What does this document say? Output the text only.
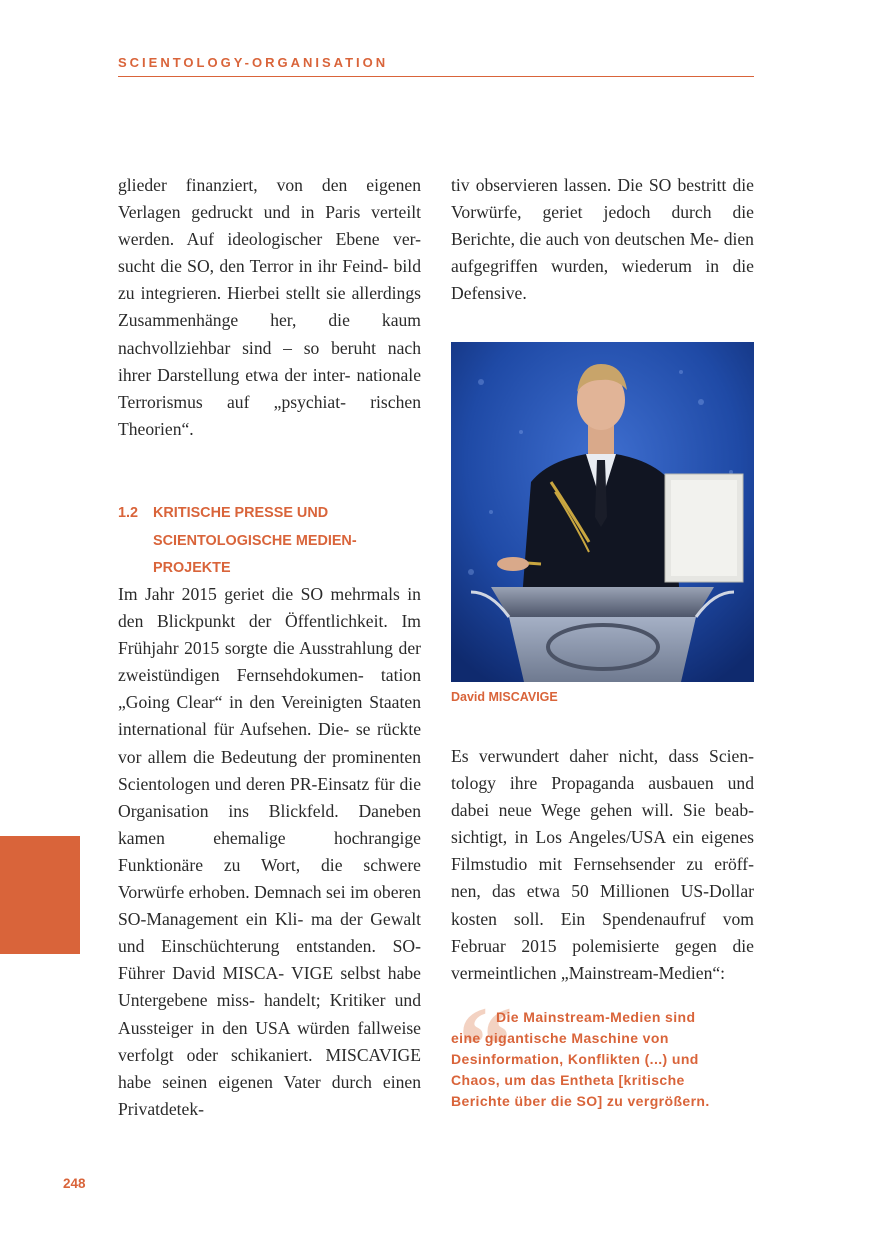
SCIENTOLOGY-ORGANISATION

glieder finanziert, von den eigenen Verlagen gedruckt und in Paris verteilt werden. Auf ideologischer Ebene ver- sucht die SO, den Terror in ihr Feind- bild zu integrieren. Hierbei stellt sie allerdings Zusammenhänge her, die kaum nachvollziehbar sind – so beruht nach ihrer Darstellung etwa der inter- nationale Terrorismus auf „psychiat- rischen Theorien“.

1.2 KRITISCHE PRESSE UND
SCIENTOLOGISCHE MEDIEN-
PROJEKTE

Im Jahr 2015 geriet die SO mehrmals in den Blickpunkt der Öffentlichkeit. Im Frühjahr 2015 sorgte die Ausstrahlung der zweistündigen Fernsehdokumen- tation „Going Clear“ in den Vereinigten Staaten international für Aufsehen. Die- se rückte vor allem die Bedeutung der prominenten Scientologen und deren PR-Einsatz für die Organisation ins Blickfeld. Daneben kamen ehemalige	hochrangige Funktionäre zu Wort, die schwere Vorwürfe erhoben. Demnach sei im oberen SO-Management ein Kli- ma der Gewalt und Einschüchterung entstanden. SO-Führer David MISCA- VIGE selbst habe Untergebene miss- handelt; Kritiker und Aussteiger in den USA würden fallweise verfolgt oder schikaniert. MISCAVIGE habe seinen eigenen Vater durch einen Privatdetek-

tiv observieren lassen. Die SO bestritt die Vorwürfe, geriet jedoch durch die Berichte, die auch von deutschen Me- dien aufgegriffen wurden, wiederum in die Defensive.

David MISCAVIGE

Es verwundert daher nicht, dass Scien- tology ihre Propaganda ausbauen und dabei neue Wege gehen will. Sie beab- sichtigt, in Los Angeles/USA ein eigenes Filmstudio mit Fernsehsender zu eröff- nen, das etwa 50 Millionen US-Dollar kosten soll. Ein Spendenaufruf vom Februar 2015 polemisierte gegen die vermeintlichen „Mainstream-Medien“:

“
Die Mainstream-Medien sind
eine gigantische Maschine von
Desinformation, Konflikten (...) und
Chaos, um das Entheta [kritische
Berichte über die SO] zu vergrößern.
248
